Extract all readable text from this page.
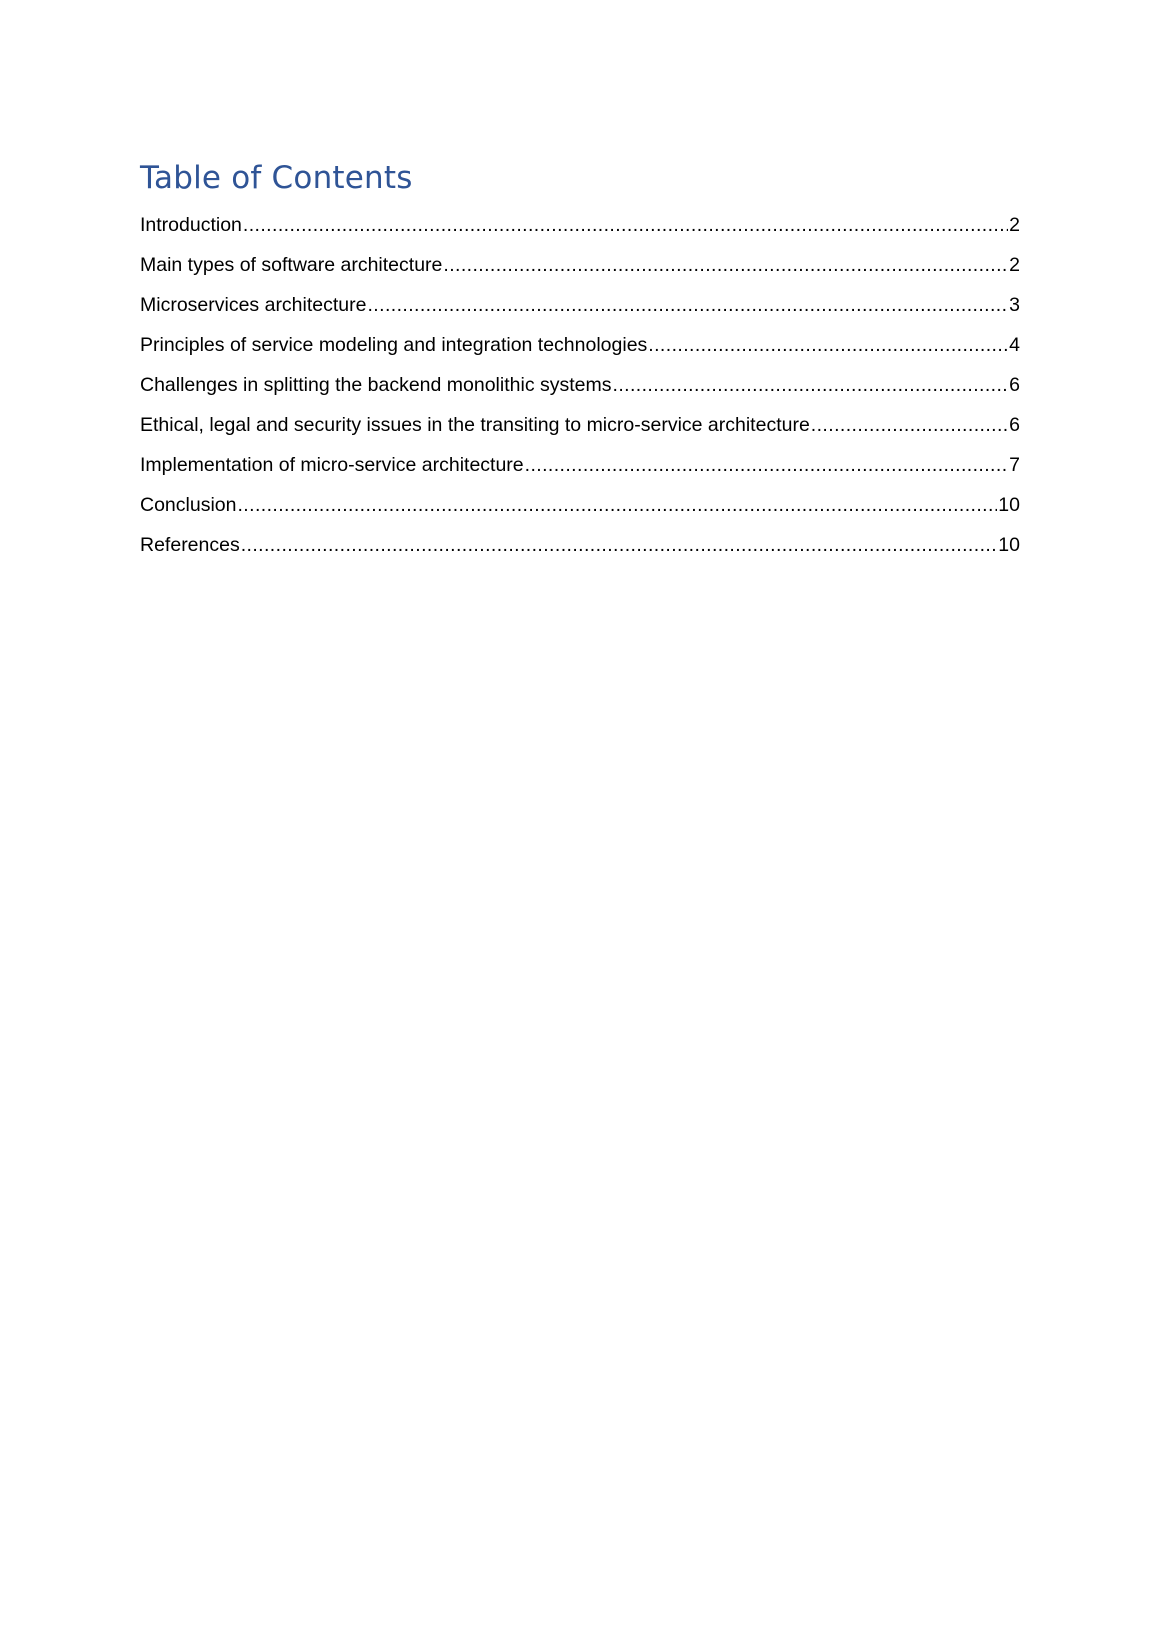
Table of Contents
Introduction .....	2
Main types of software architecture .....	2
Microservices architecture .....	3
Principles of service modeling and integration technologies .....	4
Challenges in splitting the backend monolithic systems .....	6
Ethical, legal and security issues in the transiting to micro-service architecture .....	6
Implementation of micro-service architecture .....	7
Conclusion .....	10
References .....	10
